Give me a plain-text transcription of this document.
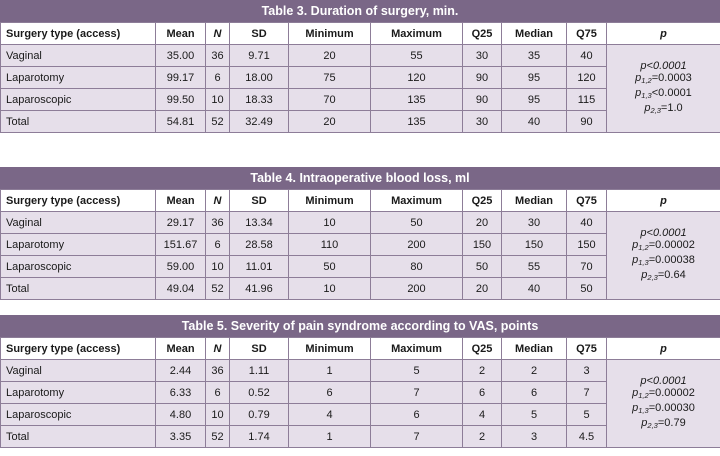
Table 3. Duration of surgery, min.
Surgery type (access)	Mean	N	SD	Minimum	Maximum	Q25	Median	Q75	p
Vaginal	35.00	36	9.71	20	55	30	35	40	p<0.0001
$p_{1,2}=0.0003$
$p_{1,3}<0.0001$
$p_{2,3}=1.0$

Laparotomy	99.17	6	18.00	75	120	90	95	120	
Laparoscopic	99.50	10	18.33	70	135	90	95	115	
Total	54.81	52	32.49	20	135	30	40	90	
Table 4. Intraoperative blood loss, ml
Surgery type (access)	Mean	N	SD	Minimum	Maximum	Q25	Median	Q75	p
Vaginal	29.17	36	13.34	10	50	20	30	40	p<0.0001
$p_{1,2}=0.00002$
$p_{1,3}=0.00038$
$p_{2,3}=0.64$

Laparotomy	151.67	6	28.58	110	200	150	150	150	
Laparoscopic	59.00	10	11.01	50	80	50	55	70	
Total	49.04	52	41.96	10	200	20	40	50	
Table 5. Severity of pain syndrome according to VAS, points
Surgery type (access)	Mean	N	SD	Minimum	Maximum	Q25	Median	Q75	p
Vaginal	2.44	36	1.11	1	5	2	2	3	p<0.0001
$p_{1,2}=0.00002$
$p_{1,3}=0.00030$
$p_{2,3}=0.79$

Laparotomy	6.33	6	0.52	6	7	6	6	7	
Laparoscopic	4.80	10	0.79	4	6	4	5	5	
Total	3.35	52	1.74	1	7	2	3	4.5	
